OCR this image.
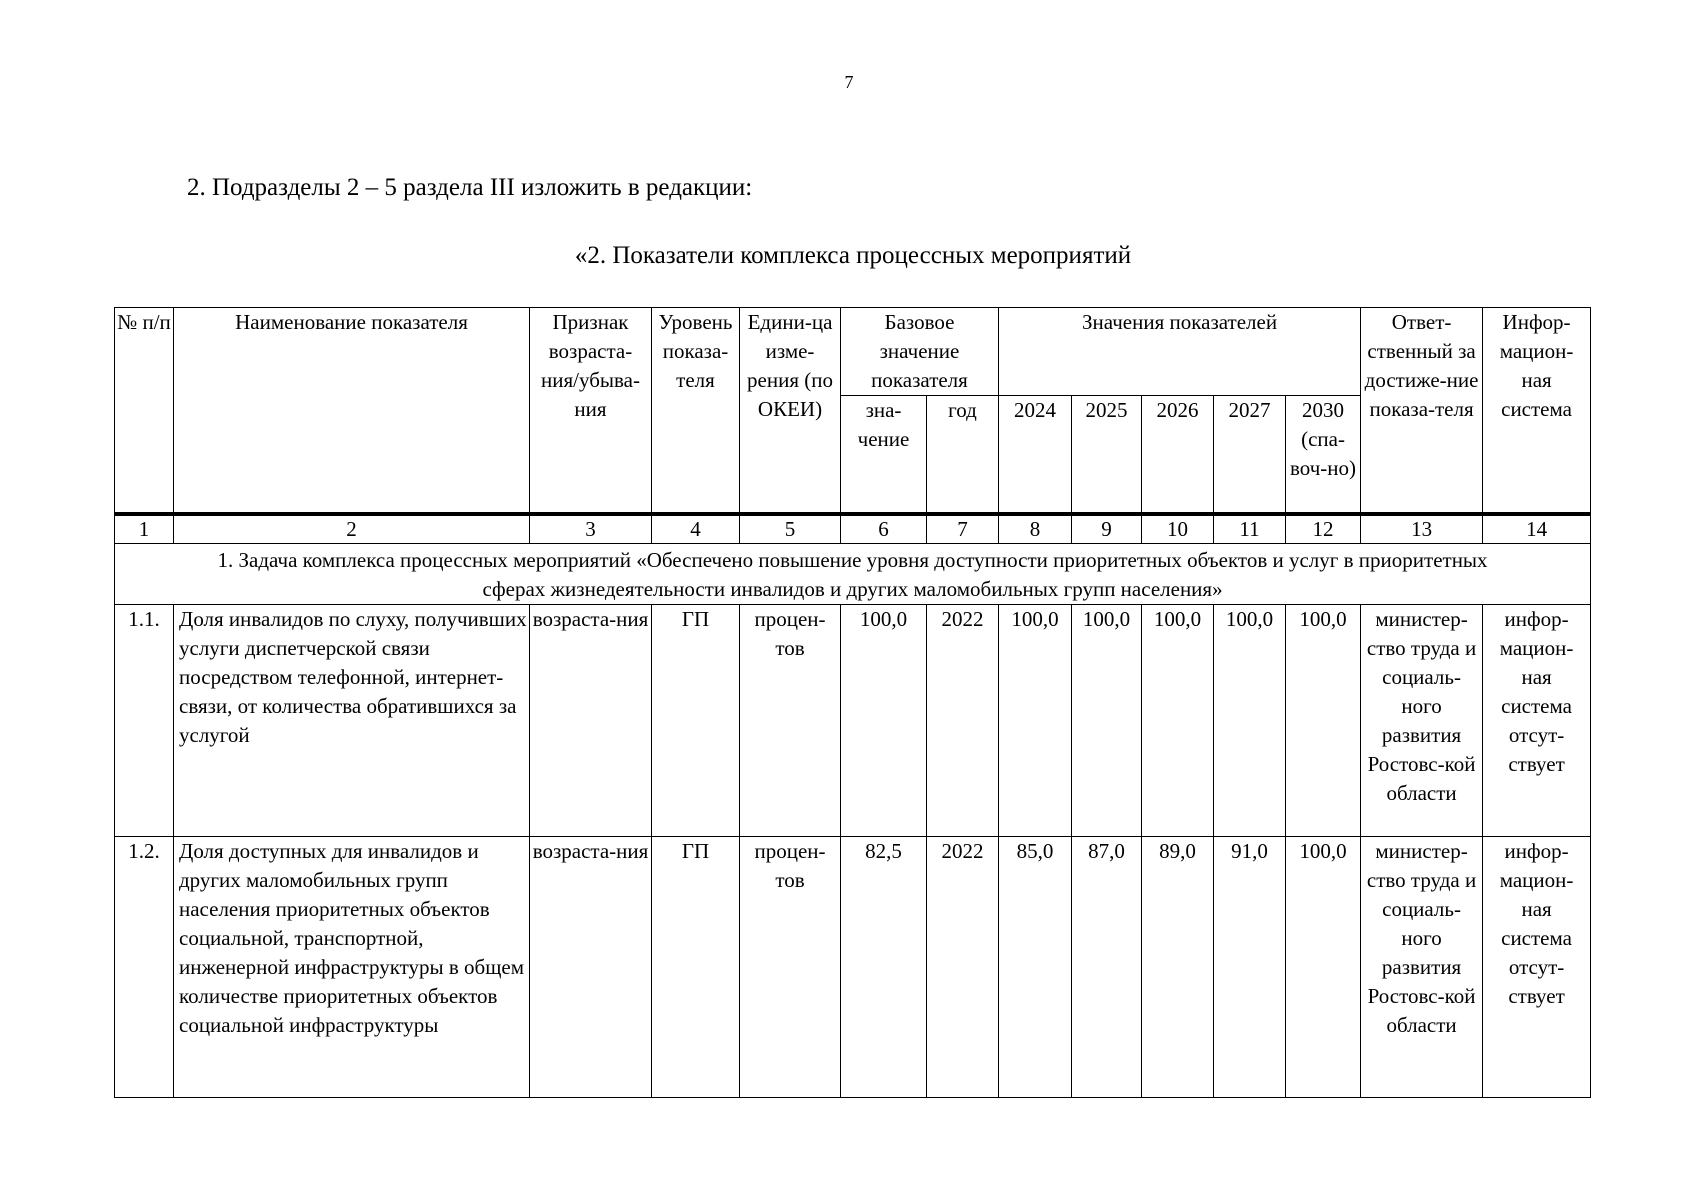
7
2. Подразделы 2 – 5 раздела III изложить в редакции:
«2. Показатели комплекса процессных мероприятий
№ п/п	Наименование показателя	Признак возраста-ния/убыва-ния	Уровень показа-теля	Едини-ца изме-рения (по ОКЕИ)	Базовое значение показателя		Значения показателей					Ответ-ственный за достиже-ние показа-теля	Инфор-мацион-ная система
					зна-чение	год	2024	2025	2026	2027	2030 (спа-воч-но)		
1	2	3	4	5	6	7	8	9	10	11	12	13	14
1. Задача комплекса процессных мероприятий «Обеспечено повышение уровня доступности приоритетных объектов и услуг в приоритетных сферах жизнедеятельности инвалидов и других маломобильных групп населения»													
1.1.	Доля инвалидов по слуху, получивших услуги диспетчерской связи посредством телефонной, интернет-связи, от количества обратившихся за услугой	возраста-ния	ГП	процен-тов	100,0	2022	100,0	100,0	100,0	100,0	100,0	министер-ство труда и социаль-ного развития Ростовс-кой области	инфор-мацион-ная система отсут-ствует
1.2.	Доля доступных для инвалидов и других маломобильных групп населения приоритетных объектов социальной, транспортной, инженерной инфраструктуры в общем количестве приоритетных объектов социальной инфраструктуры	возраста-ния	ГП	процен-тов	82,5	2022	85,0	87,0	89,0	91,0	100,0	министер-ство труда и социаль-ного развития Ростовс-кой области	инфор-мацион-ная система отсут-ствует
